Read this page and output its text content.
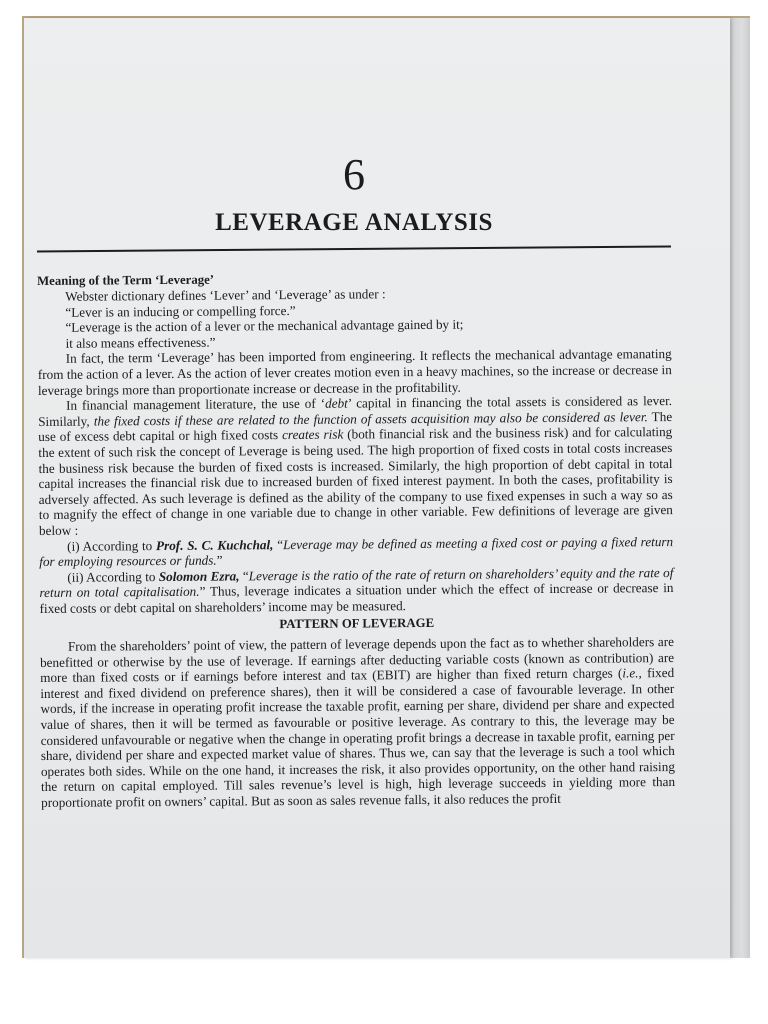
6
LEVERAGE ANALYSIS
Meaning of the Term ‘Leverage’

Webster dictionary defines ‘Lever’ and ‘Leverage’ as under :

“Lever is an inducing or compelling force.”

“Leverage is the action of a lever or the mechanical advantage gained by it;

it also means effectiveness.”

In fact, the term ‘Leverage’ has been imported from engineering. It reflects the mechanical advantage emanating from the action of a lever. As the action of lever creates motion even in a heavy machines, so the increase or decrease in leverage brings more than proportionate increase or decrease in the profitability.

In financial management literature, the use of ‘debt’ capital in financing the total assets is considered as lever. Similarly, the fixed costs if these are related to the function of assets acquisition may also be considered as lever. The use of excess debt capital or high fixed costs creates risk (both financial risk and the business risk) and for calculating the extent of such risk the concept of Leverage is being used. The high proportion of fixed costs in total costs increases the business risk because the burden of fixed costs is increased. Similarly, the high proportion of debt capital in total capital increases the financial risk due to increased burden of fixed interest payment. In both the cases, profitability is adversely affected. As such leverage is defined as the ability of the company to use fixed expenses in such a way so as to magnify the effect of change in one variable due to change in other variable. Few definitions of leverage are given below :

(i) According to Prof. S. C. Kuchchal, “Leverage may be defined as meeting a fixed cost or paying a fixed return for employing resources or funds.”

(ii) According to Solomon Ezra, “Leverage is the ratio of the rate of return on shareholders’ equity and the rate of return on total capitalisation.” Thus, leverage indicates a situation under which the effect of increase or decrease in fixed costs or debt capital on shareholders’ income may be measured.

PATTERN OF LEVERAGE

From the shareholders’ point of view, the pattern of leverage depends upon the fact as to whether shareholders are benefitted or otherwise by the use of leverage. If earnings after deducting variable costs (known as contribution) are more than fixed costs or if earnings before interest and tax (EBIT) are higher than fixed return charges (i.e., fixed interest and fixed dividend on preference shares), then it will be considered a case of favourable leverage. In other words, if the increase in operating profit increase the taxable profit, earning per share, dividend per share and expected value of shares, then it will be termed as favourable or positive leverage. As contrary to this, the leverage may be considered unfavourable or negative when the change in operating profit brings a decrease in taxable profit, earning per share, dividend per share and expected market value of shares. Thus we, can say that the leverage is such a tool which operates both sides. While on the one hand, it increases the risk, it also provides opportunity, on the other hand raising the return on capital employed. Till sales revenue’s level is high, high leverage succeeds in yielding more than proportionate profit on owners’ capital. But as soon as sales revenue falls, it also reduces the profit
